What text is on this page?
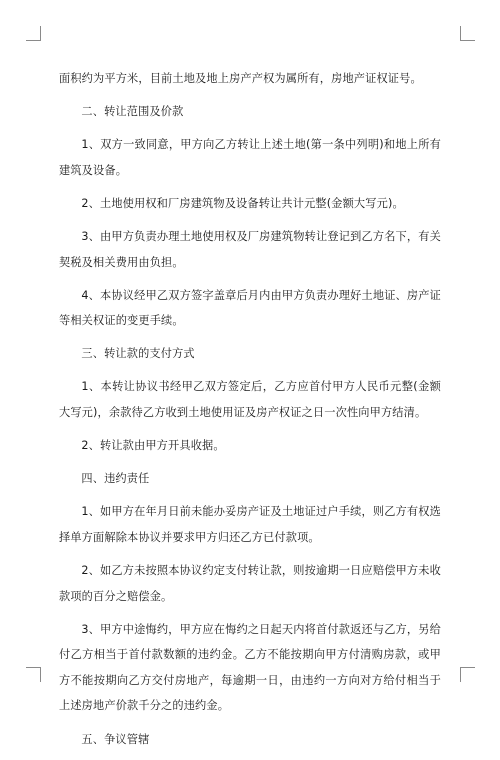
面积约为平方米，目前土地及地上房产产权为属所有，房地产证权证号。

二、转让范围及价款

1、双方一致同意，甲方向乙方转让上述土地(第一条中列明)和地上所有建筑及设备。

2、土地使用权和厂房建筑物及设备转让共计元整(金额大写元)。

3、由甲方负责办理土地使用权及厂房建筑物转让登记到乙方名下，有关契税及相关费用由负担。

4、本协议经甲乙双方签字盖章后月内由甲方负责办理好土地证、房产证等相关权证的变更手续。

三、转让款的支付方式

1、本转让协议书经甲乙双方签定后，乙方应首付甲方人民币元整(金额大写元)，余款待乙方收到土地使用证及房产权证之日一次性向甲方结清。

2、转让款由甲方开具收据。

四、违约责任

1、如甲方在年月日前未能办妥房产证及土地证过户手续，则乙方有权选择单方面解除本协议并要求甲方归还乙方已付款项。

2、如乙方未按照本协议约定支付转让款，则按逾期一日应赔偿甲方未收款项的百分之赔偿金。

3、甲方中途悔约，甲方应在悔约之日起天内将首付款返还与乙方，另给付乙方相当于首付款数额的违约金。乙方不能按期向甲方付清购房款，或甲方不能按期向乙方交付房地产，每逾期一日，由违约一方向对方给付相当于上述房地产价款千分之的违约金。

五、争议管辖
